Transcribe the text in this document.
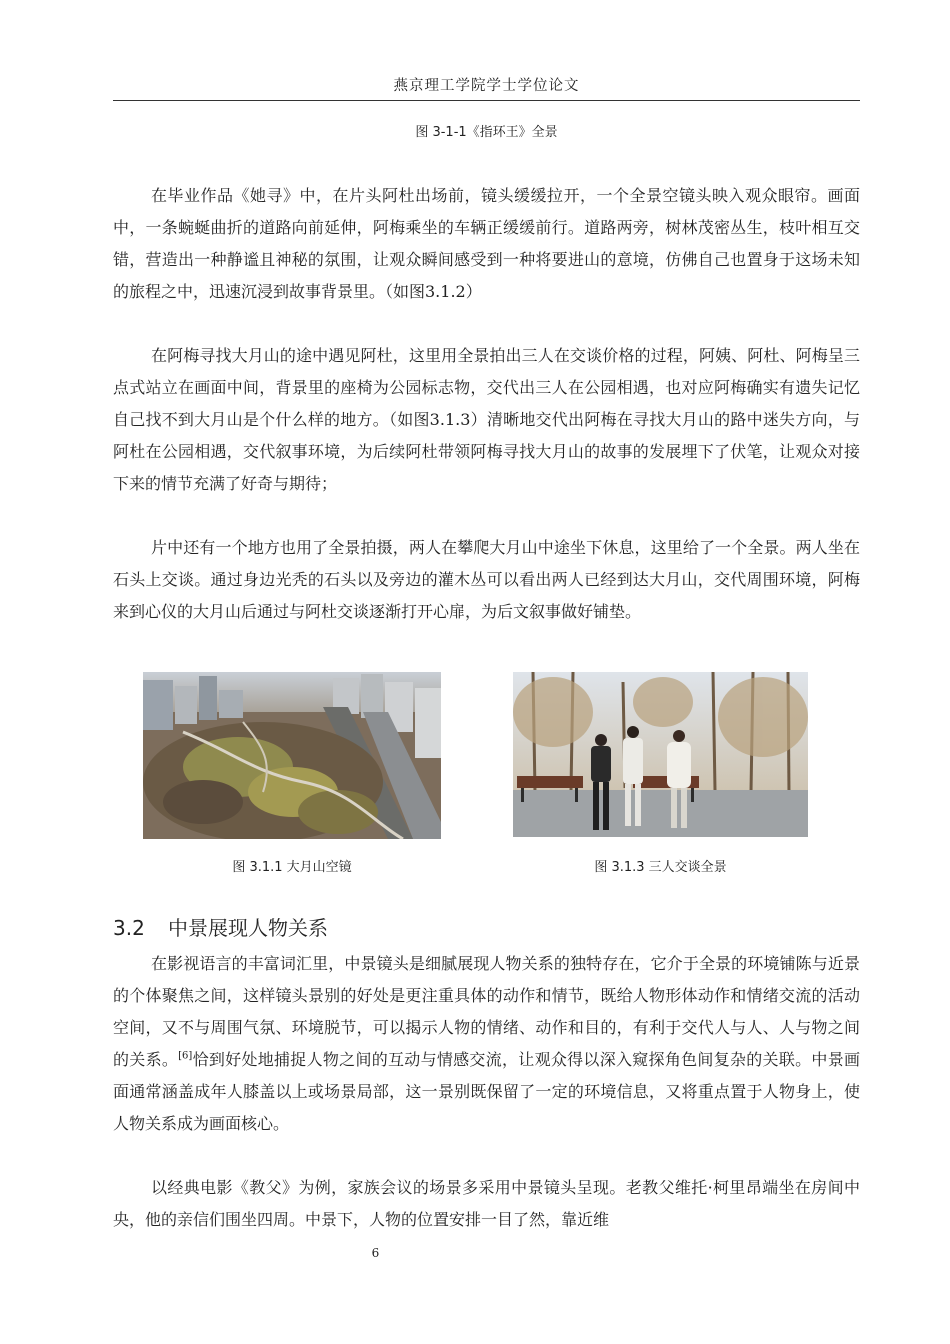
燕京理工学院学士学位论文
图 3-1-1《指环王》全景

在毕业作品《她寻》中，在片头阿杜出场前，镜头缓缓拉开，一个全景空镜头映入观众眼帘。画面中，一条蜿蜒曲折的道路向前延伸，阿梅乘坐的车辆正缓缓前行。道路两旁，树林茂密丛生，枝叶相互交错，营造出一种静谧且神秘的氛围，让观众瞬间感受到一种将要进山的意境，仿佛自己也置身于这场未知的旅程之中，迅速沉浸到故事背景里。（如图3.1.2）

在阿梅寻找大月山的途中遇见阿杜，这里用全景拍出三人在交谈价格的过程，阿姨、阿杜、阿梅呈三点式站立在画面中间，背景里的座椅为公园标志物，交代出三人在公园相遇，也对应阿梅确实有遗失记忆自己找不到大月山是个什么样的地方。（如图3.1.3）清晰地交代出阿梅在寻找大月山的路中迷失方向，与阿杜在公园相遇，交代叙事环境，为后续阿杜带领阿梅寻找大月山的故事的发展埋下了伏笔，让观众对接下来的情节充满了好奇与期待；

片中还有一个地方也用了全景拍摄，两人在攀爬大月山中途坐下休息，这里给了一个全景。两人坐在石头上交谈。通过身边光秃的石头以及旁边的灌木丛可以看出两人已经到达大月山，交代周围环境，阿梅来到心仪的大月山后通过与阿杜交谈逐渐打开心扉，为后文叙事做好铺垫。

图 3.1.1 大月山空镜	图 3.1.3 三人交谈全景
3.2 中景展现人物关系

在影视语言的丰富词汇里，中景镜头是细腻展现人物关系的独特存在，它介于全景的环境铺陈与近景的个体聚焦之间，这样镜头景别的好处是更注重具体的动作和情节，既给人物形体动作和情绪交流的活动空间，又不与周围气氛、环境脱节，可以揭示人物的情绪、动作和目的，有利于交代人与人、人与物之间的关系。[6]恰到好处地捕捉人物之间的互动与情感交流，让观众得以深入窥探角色间复杂的关联。中景画面通常涵盖成年人膝盖以上或场景局部，这一景别既保留了一定的环境信息，又将重点置于人物身上，使人物关系成为画面核心。

以经典电影《教父》为例，家族会议的场景多采用中景镜头呈现。老教父维托·柯里昂端坐在房间中央，他的亲信们围坐四周。中景下，人物的位置安排一目了然，靠近维

6
